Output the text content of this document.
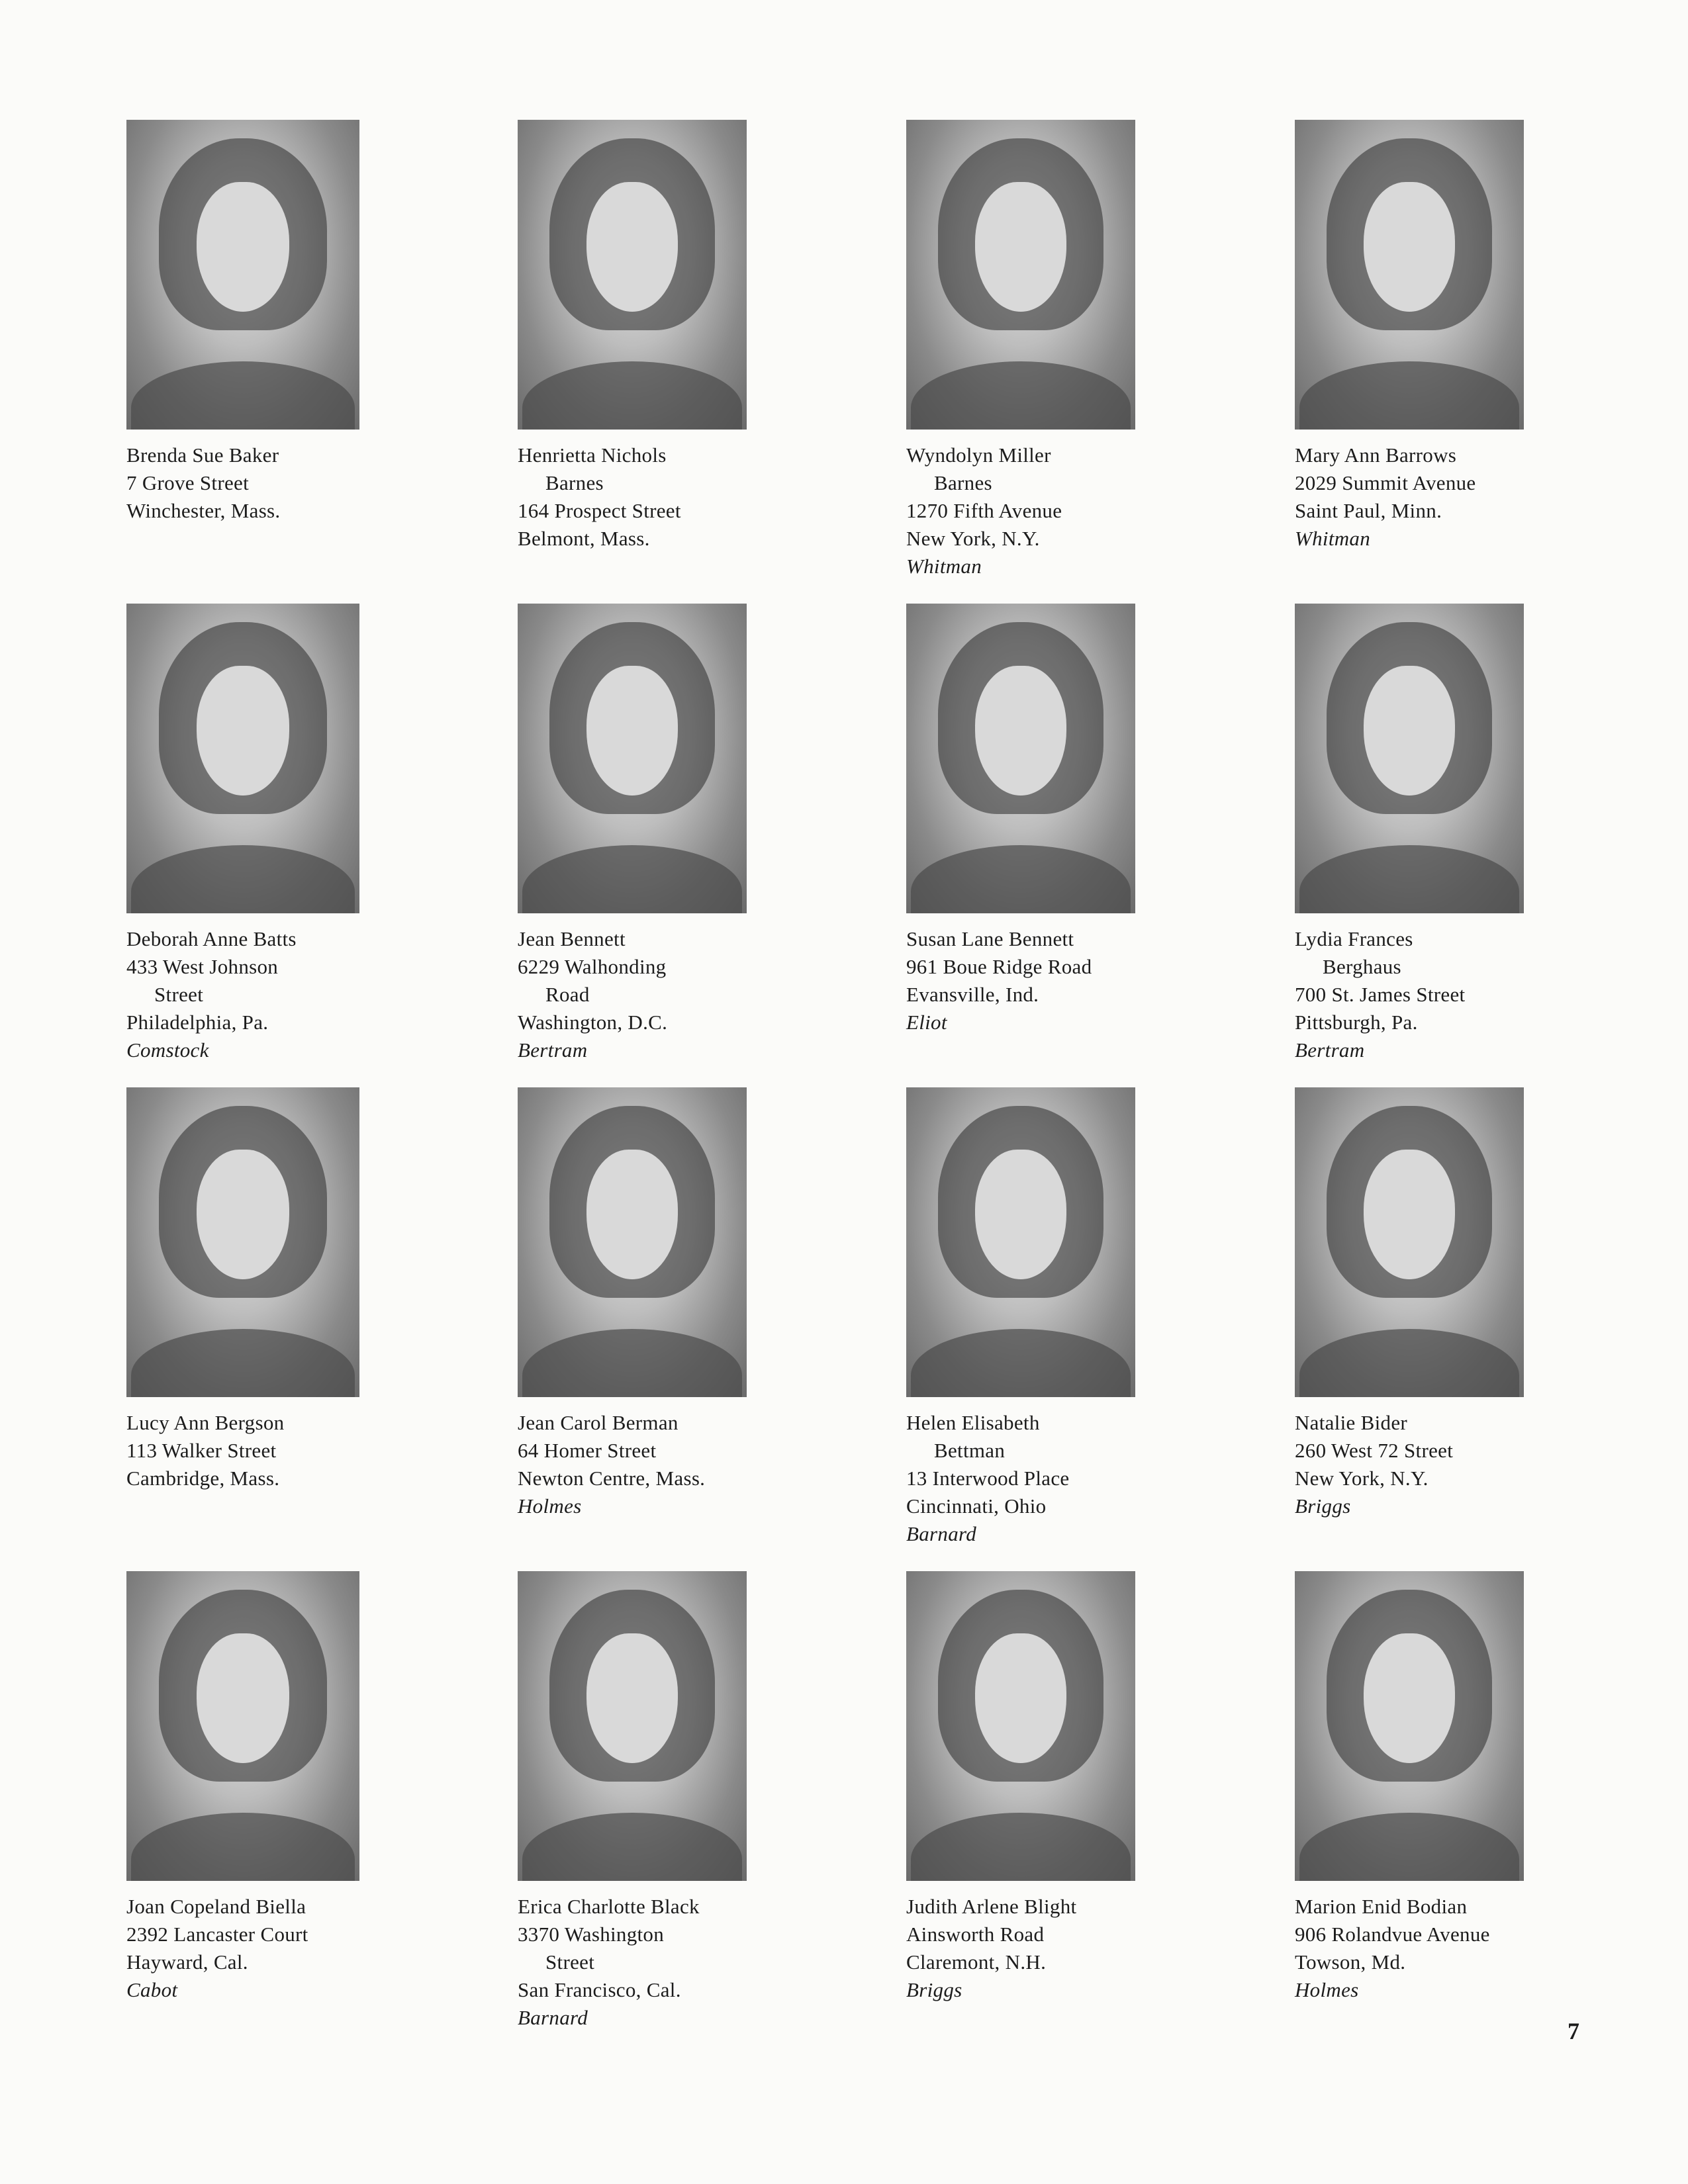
Brenda Sue Baker
7 Grove Street
Winchester, Mass.
Henrietta Nichols
Barnes
164 Prospect Street
Belmont, Mass.
Wyndolyn Miller
Barnes
1270 Fifth Avenue
New York, N.Y.
Whitman
Mary Ann Barrows
2029 Summit Avenue
Saint Paul, Minn.
Whitman
Deborah Anne Batts
433 West Johnson
Street
Philadelphia, Pa.
Comstock
Jean Bennett
6229 Walhonding
Road
Washington, D.C.
Bertram
Susan Lane Bennett
961 Boue Ridge Road
Evansville, Ind.
Eliot
Lydia Frances
Berghaus
700 St. James Street
Pittsburgh, Pa.
Bertram
Lucy Ann Bergson
113 Walker Street
Cambridge, Mass.
Jean Carol Berman
64 Homer Street
Newton Centre, Mass.
Holmes
Helen Elisabeth
Bettman
13 Interwood Place
Cincinnati, Ohio
Barnard
Natalie Bider
260 West 72 Street
New York, N.Y.
Briggs
Joan Copeland Biella
2392 Lancaster Court
Hayward, Cal.
Cabot
Erica Charlotte Black
3370 Washington
Street
San Francisco, Cal.
Barnard
Judith Arlene Blight
Ainsworth Road
Claremont, N.H.
Briggs
Marion Enid Bodian
906 Rolandvue Avenue
Towson, Md.
Holmes
7
